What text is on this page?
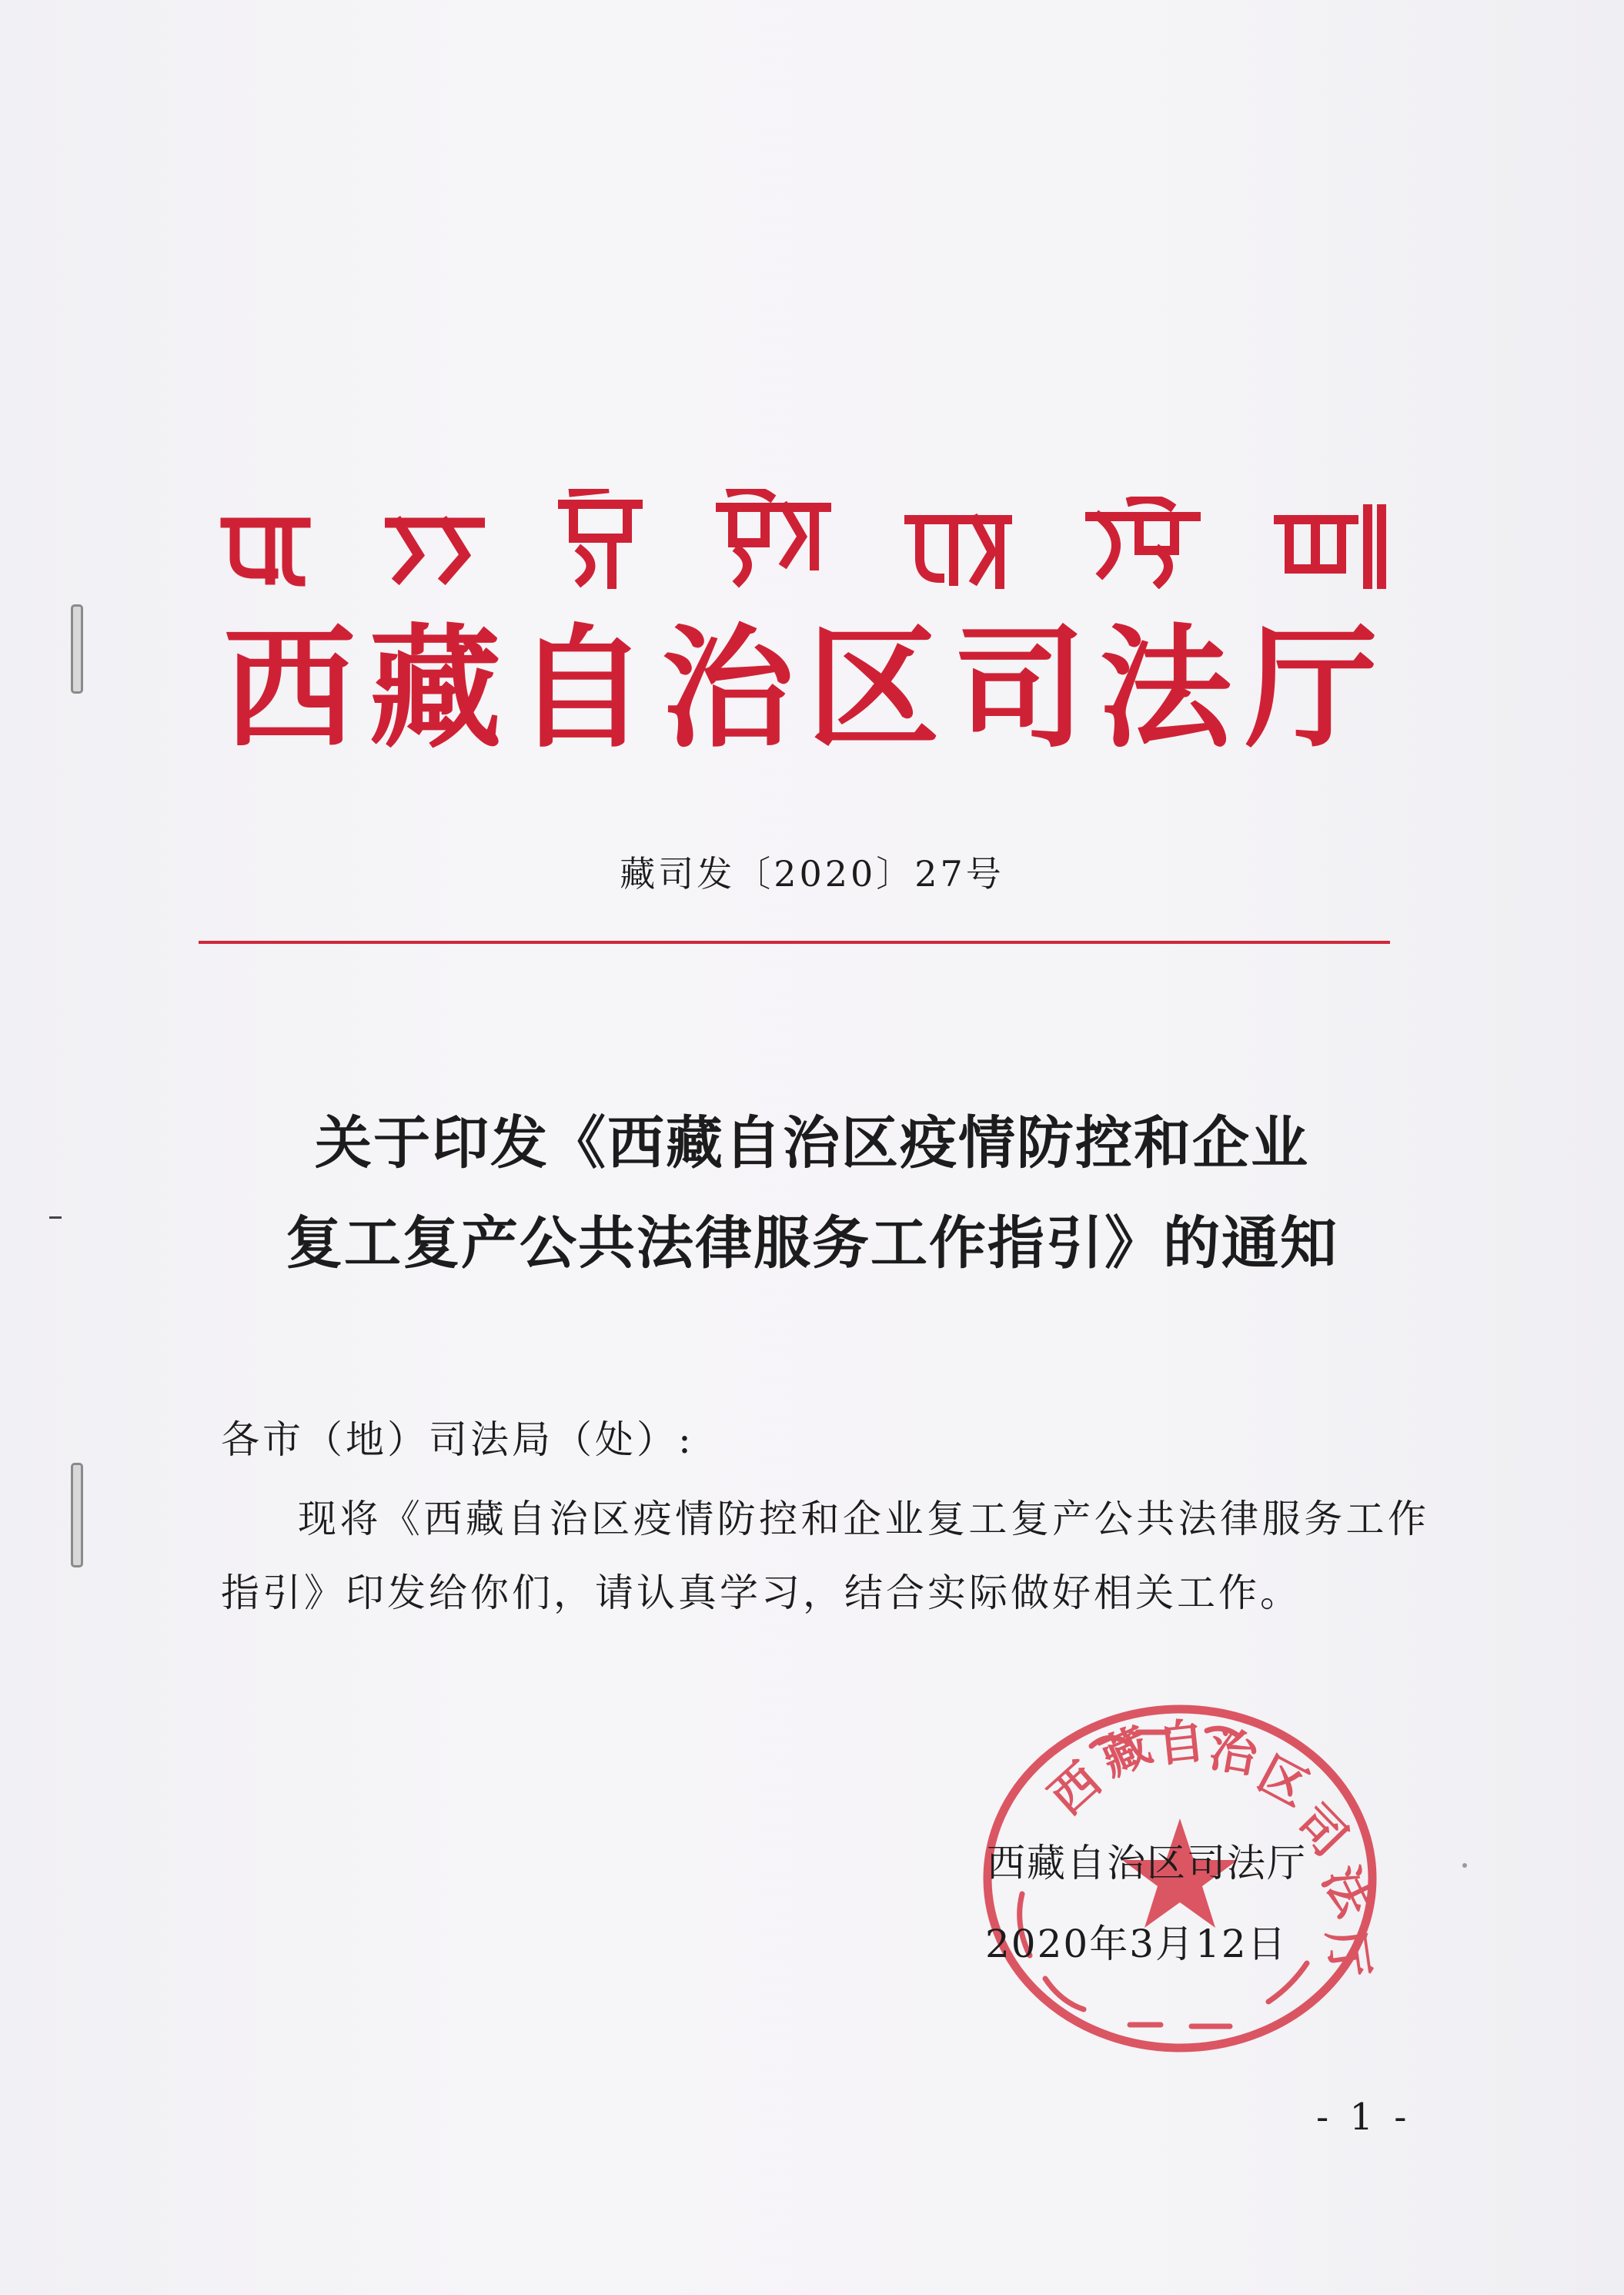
西 藏 自 治 区 司 法 厅
藏司发〔2020〕27号
关于印发《西藏自治区疫情防控和企业
复工复产公共法律服务工作指引》的通知
各市（地）司法局（处）:
现将《西藏自治区疫情防控和企业复工复产公共法律服务工作指引》印发给你们，请认真学习，结合实际做好相关工作。
西
藏
自
治
区
司
法
厅
西藏自治区司法厅
2020年3月12日
- 1 -
